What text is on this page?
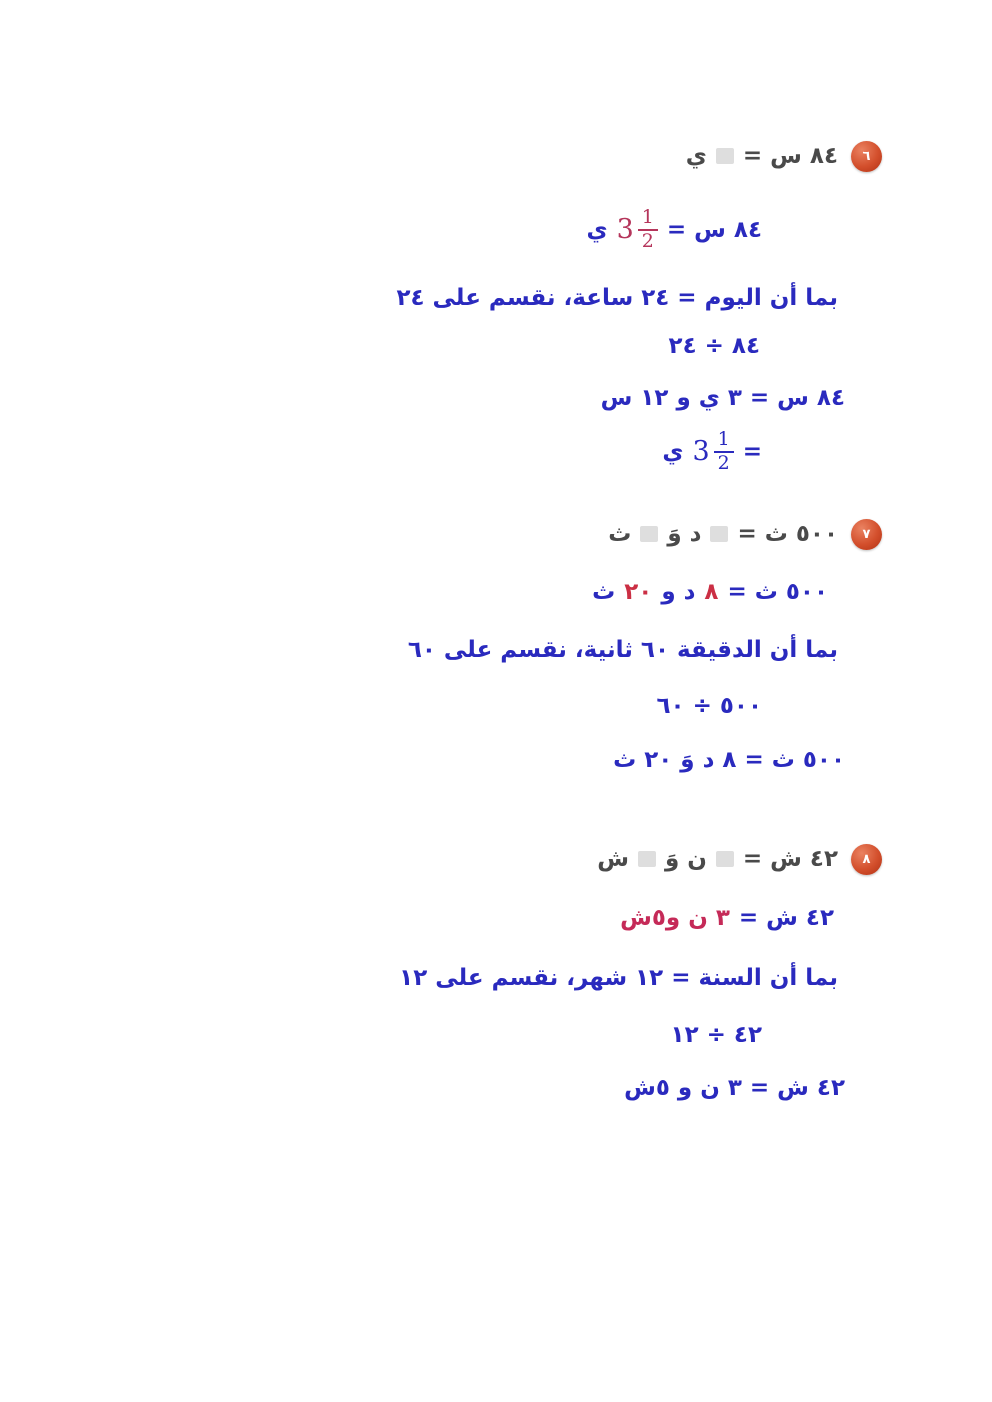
٦
٨٤ س =
ي
٨٤ س =
$3 \frac{1}{2}$
ي
بما أن اليوم = ٢٤ ساعة، نقسم على ٢٤
٨٤ ÷ ٢٤
٨٤ س = ٣ ي و ١٢ س
=
$3 \frac{1}{2}$
ي
٧
٥٠٠ ث =
د وَ
ث
٥٠٠ ث =
٨
د و
٢٠
ث
بما أن الدقيقة ٦٠ ثانية، نقسم على ٦٠
٥٠٠ ÷ ٦٠
٥٠٠ ث = ٨ د وَ ٢٠ ث
٨
٤٢ ش =
ن وَ
ش
٤٢ ش =
٣ ن و٥ش
بما أن السنة = ١٢ شهر، نقسم على ١٢
٤٢ ÷ ١٢
٤٢ ش = ٣ ن و ٥ش
